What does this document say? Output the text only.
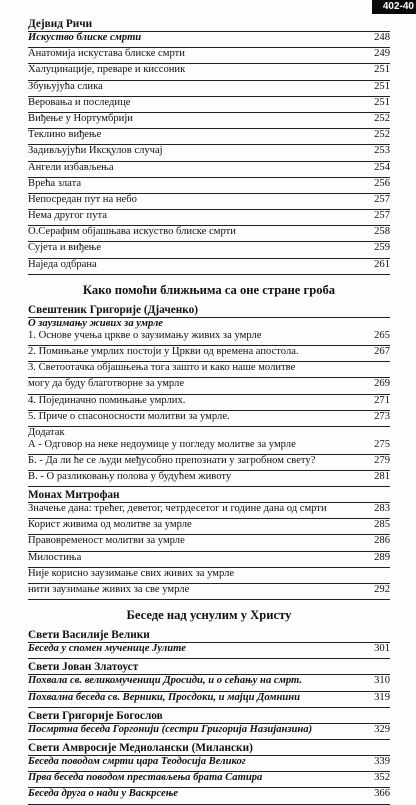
402-40
Дејвид Ричи
Искуство блиске смрти	248
Анатомија искустава блиске смрти	249
Халуцинације, преваре и киссоник	251
Збуњујућа слика	251
Веровања и последице	251
Виђење у Нортумбрији	252
Теклино виђење	252
Задивљујући Иксқулов случај	253
Ангели избављења	254
Врећа злата	256
Непосредан пут на небо	257
Нема другог пута	257
О.Серафим објашњава искуство блиске смрти	258
Сујета и виђење	259
Наједа одбрана	261
Како помоћи ближњима са оне стране гроба
Свештеник Григорије (Дјаченко)
О заузимању живих за умрле
1. Основе учења цркве о заузимању живих за умрле	265
2. Помињање умрлих постоји у Цркви од времена апостола.	267
3. Светоотачка објашњења тога зашто и како наше молитве
могу да буду благотворне за умрле	269
4. Појединачно помињање умрлих.	271
5. Приче о спасоносности молитви за умрле.	273
Додатак
А - Одговор на неке недоумице у погледу молитве за умрле	275
Б. - Да ли ће се људи међусобно препознати у загробном свету?	279
В. - О разликовању полова у будућем животу	281
Монах Митрофан
Значење дана: трећег, деветог, четрдесетог и године дана од смрти	283
Корист живима од молитве за умрле	285
Правовременост молитви за умрле	286
Милостиња	289
Није корисно заузимање свих живих за умрле
нити заузимање живих за све умрле	292
Беседе над уснулим у Христу
Свети Василије Велики
Беседа у спомен мученице Јулите	301
Свети Јован Златоуст
Похвала св. великомученици Дросиди, и о сећању на смрт.	310
Похвална беседа св. Верники, Просдоки, и мајци Домнини	319
Свети Григорије Богослов
Посмртна беседа Горгонији (сестри Григорија Назијанзина)	329
Свети Амвросије Медиолански (Милански)
Беседа поводом смрти цара Теодосија Великог	339
Прва беседа поводом престављења брата Сатира	352
Беседа друга о нади у Васкрсење	366
